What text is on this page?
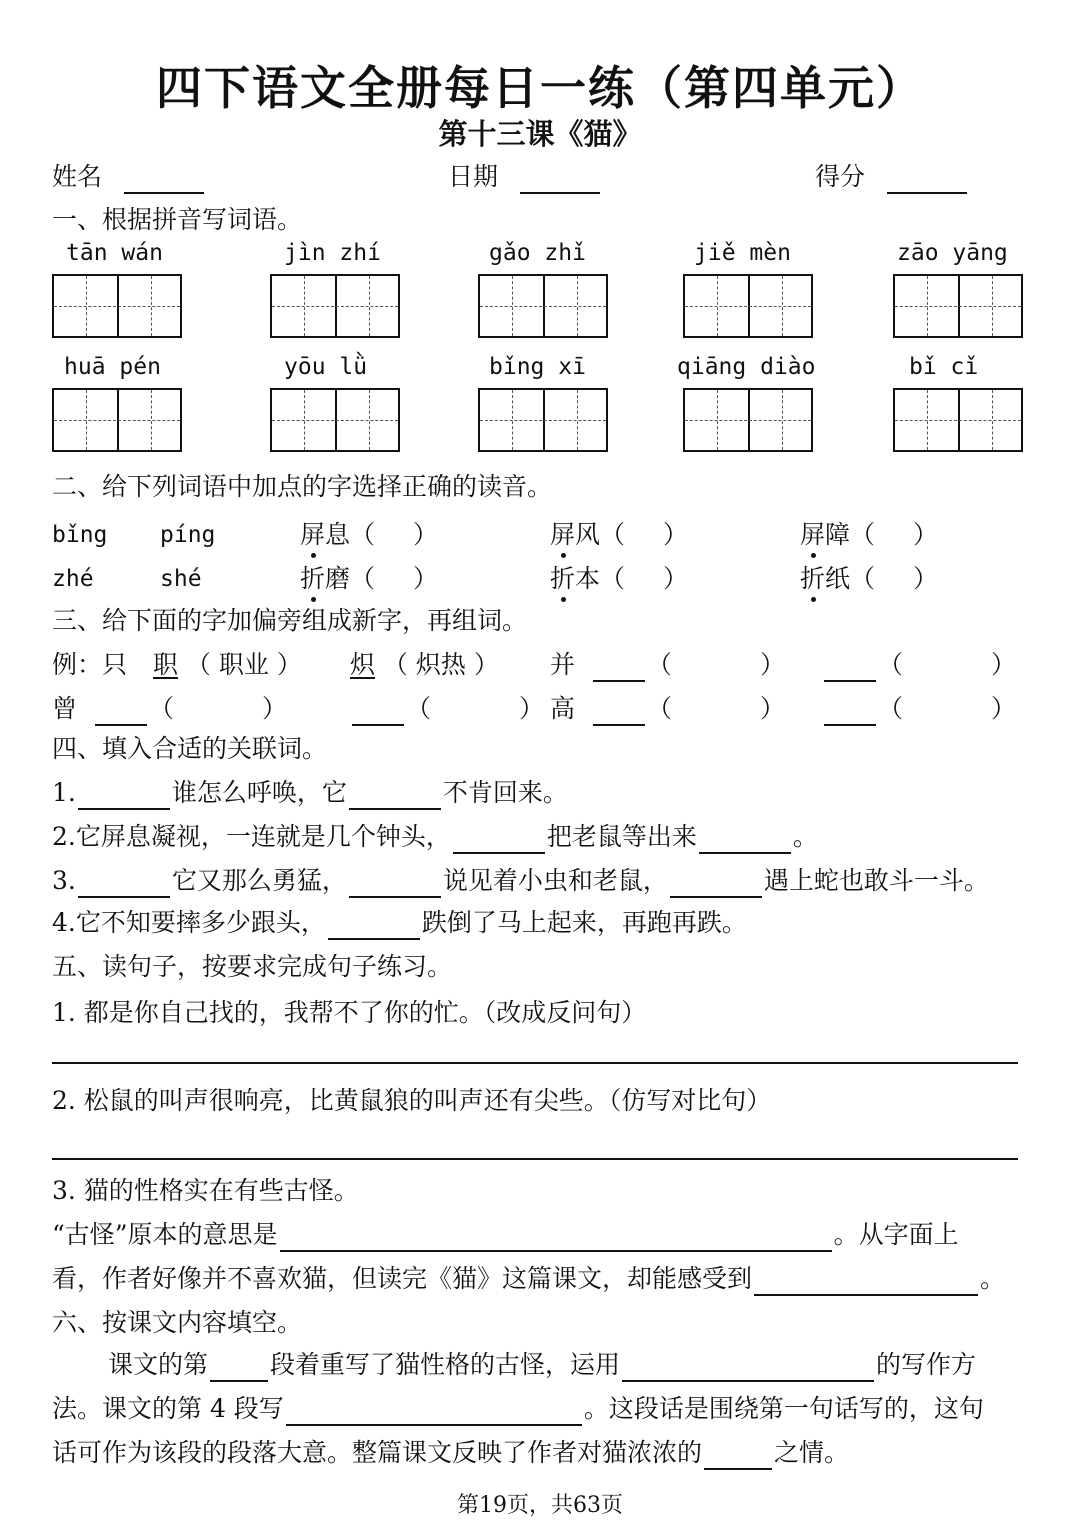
四下语文全册每日一练（第四单元）
第十三课《猫》
姓名	日期	得分
一、根据拼音写词语。
tān wán	jìn zhí	gǎo zhǐ	jiě mèn	zāo yāng
huā pén	yōu lǜ	bǐng xī	qiāng diào	bǐ cǐ
二、给下列词语中加点的字选择正确的读音。
bǐng píng	屏息（ ）	屏风（ ）	屏障（ ）
zhé	shé	折磨（ ）	折本（ ）	折纸（ ）
三、给下面的字加偏旁组成新字，再组词。
例：只 职 （ 职业 ） 炽 （ 炽热 ） 并	（	）	（	）
曾	（	）	（	） 高	（	）	（	）
四、填入合适的关联词。
1.	谁怎么呼唤，它	不肯回来。
2.它屏息凝视，一连就是几个钟头，	把老鼠等出来	。
3.	它又那么勇猛，	说见着小虫和老鼠，	遇上蛇也敢斗一斗。
4.它不知要摔多少跟头，	跌倒了马上起来，再跑再跌。
五、读句子，按要求完成句子练习。
1. 都是你自己找的，我帮不了你的忙。（改成反问句）
2. 松鼠的叫声很响亮，比黄鼠狼的叫声还有尖些。（仿写对比句）
3. 猫的性格实在有些古怪。
“古怪”原本的意思是	。从字面上
看，作者好像并不喜欢猫，但读完《猫》这篇课文，却能感受到	。
六、按课文内容填空。
课文的第 段着重写了猫性格的古怪，运用	的写作方
法。课文的第 4 段写	。这段话是围绕第一句话写的，这句
话可作为该段的段落大意。整篇课文反映了作者对猫浓浓的	之情。
第19页，共63页
